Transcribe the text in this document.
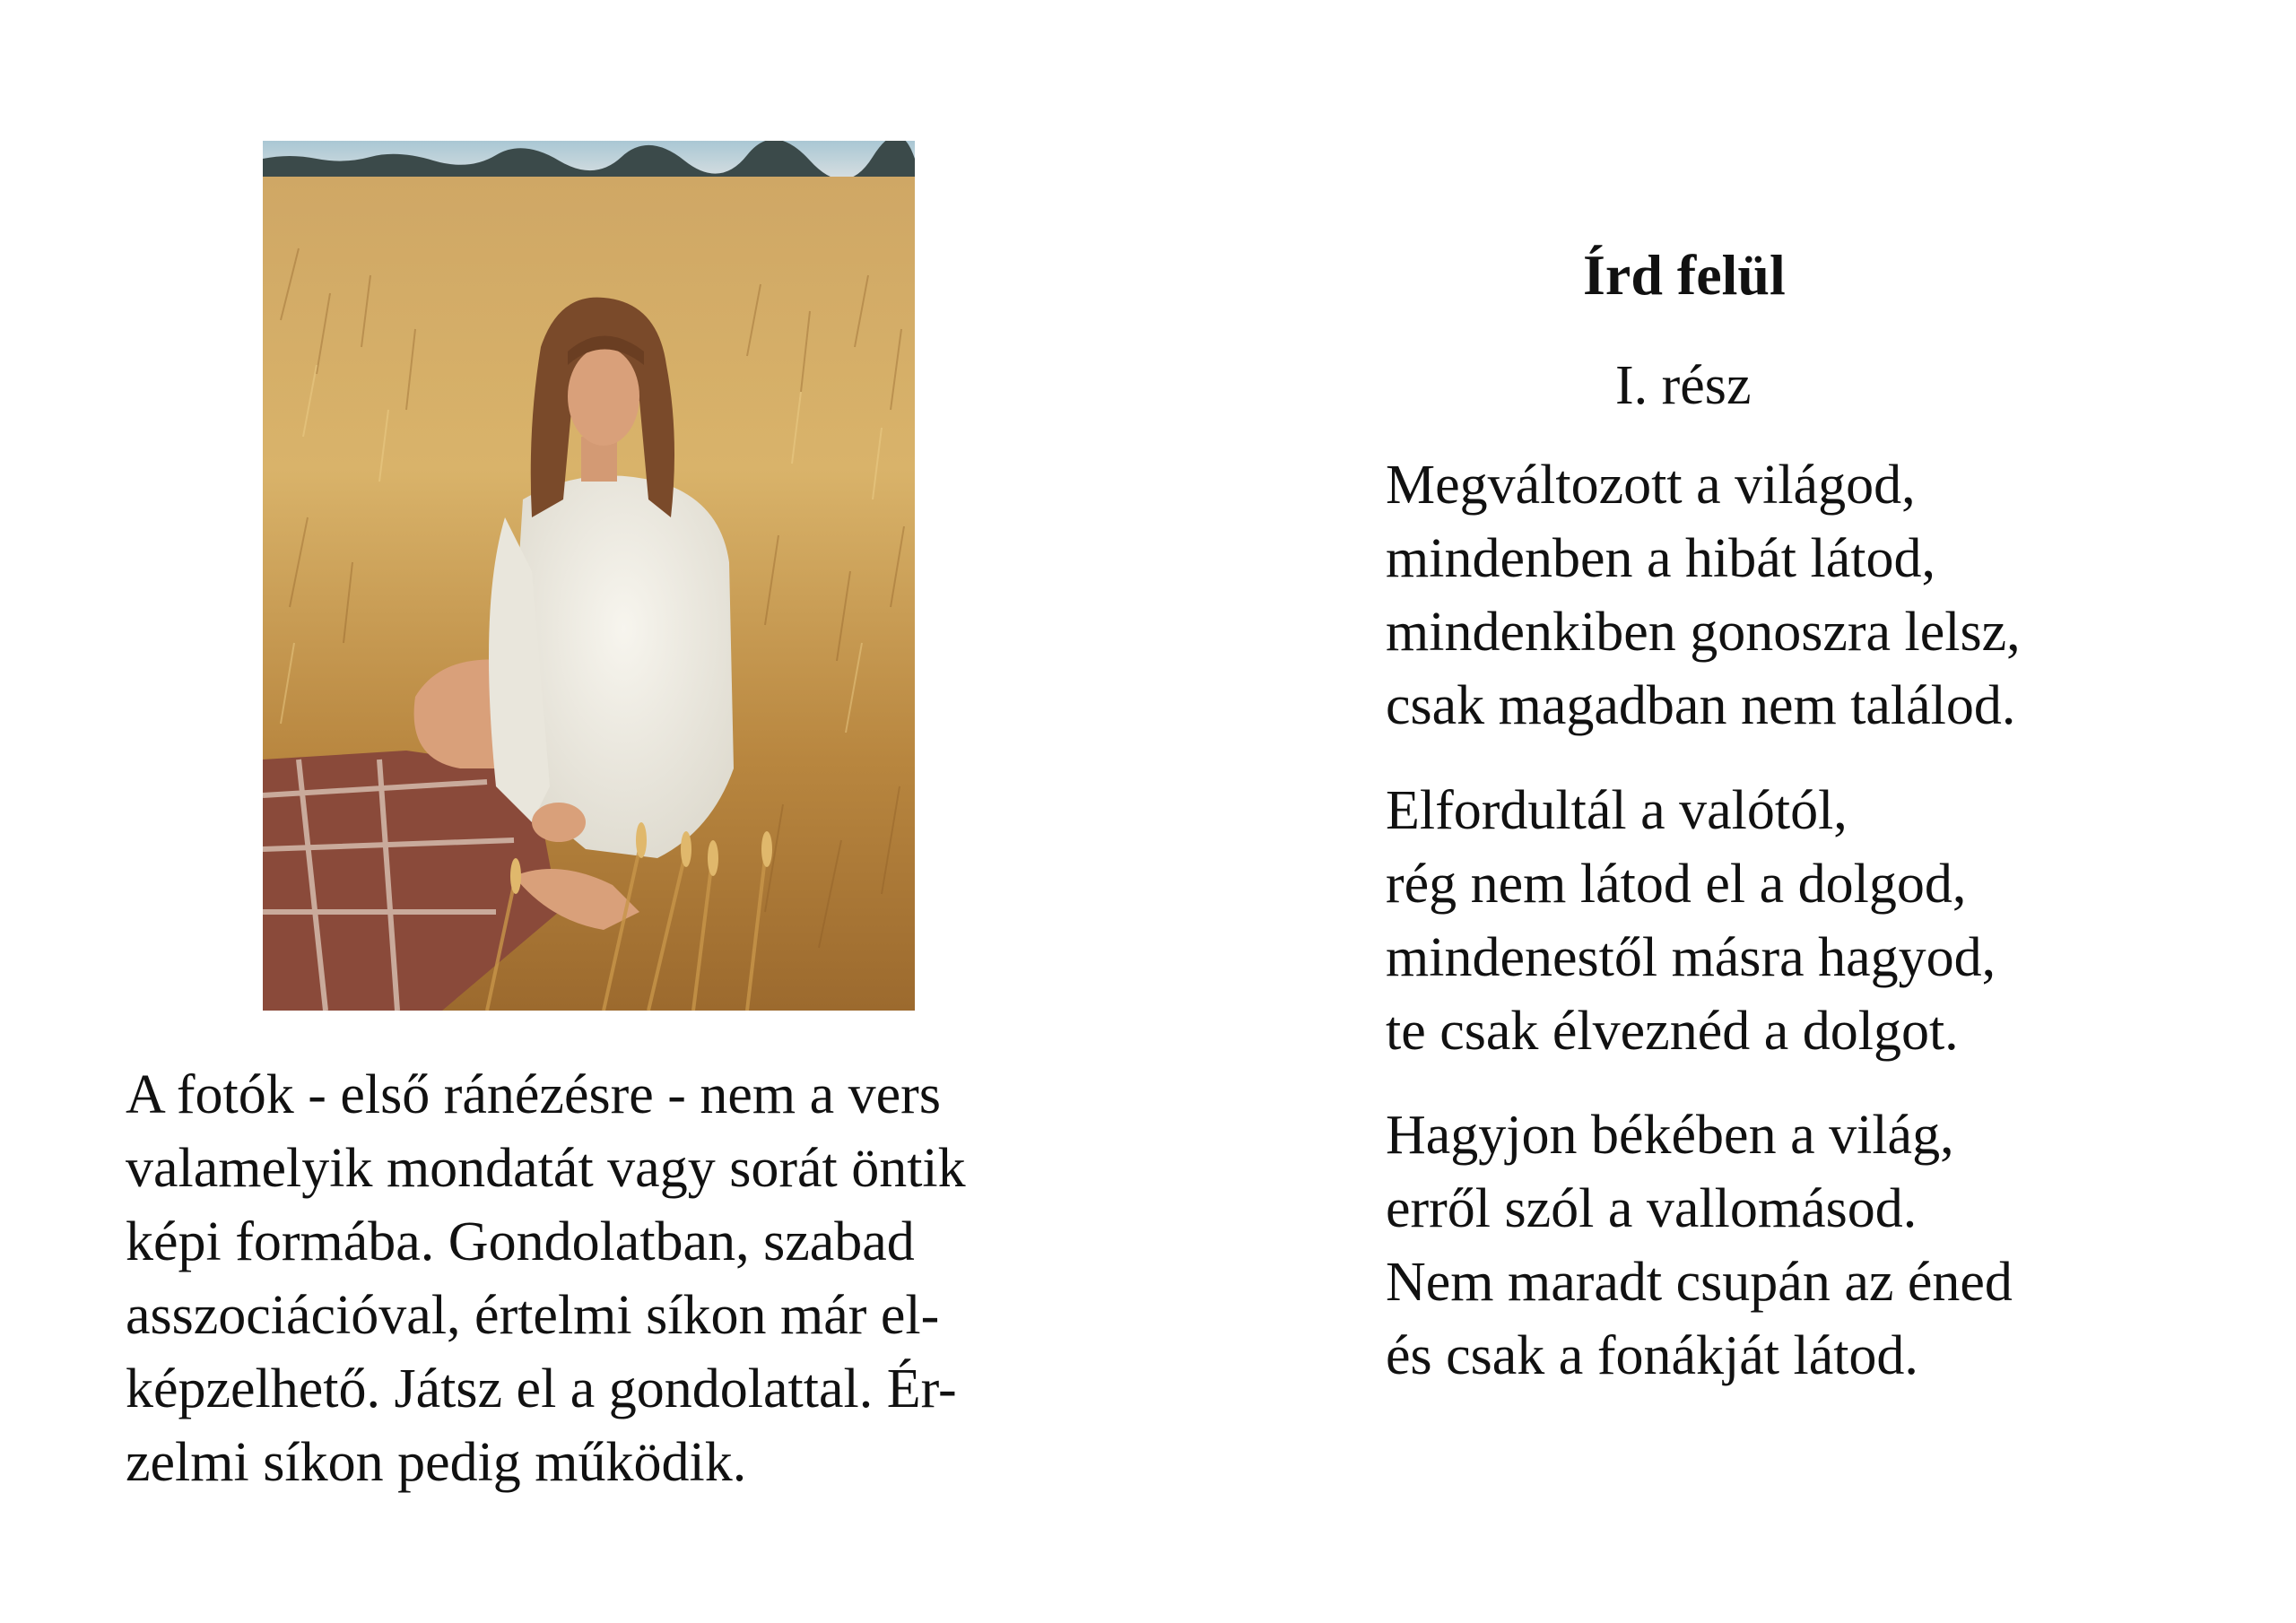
A fotók - első ránézésre - nem a vers
valamelyik mondatát vagy sorát öntik
képi formába. Gondolatban, szabad
asszociációval, értelmi síkon már el-
képzelhető. Játsz el a gondolattal. Ér-
zelmi síkon pedig működik.
Írd felül
I. rész
Megváltozott a világod,
mindenben a hibát látod,
mindenkiben gonoszra lelsz,
csak magadban nem találod.
Elfordultál a valótól,
rég nem látod el a dolgod,
mindenestől másra hagyod,
te csak élveznéd a dolgot.
Hagyjon békében a világ,
erről szól a vallomásod.
Nem maradt csupán az éned
és csak a fonákját látod.
